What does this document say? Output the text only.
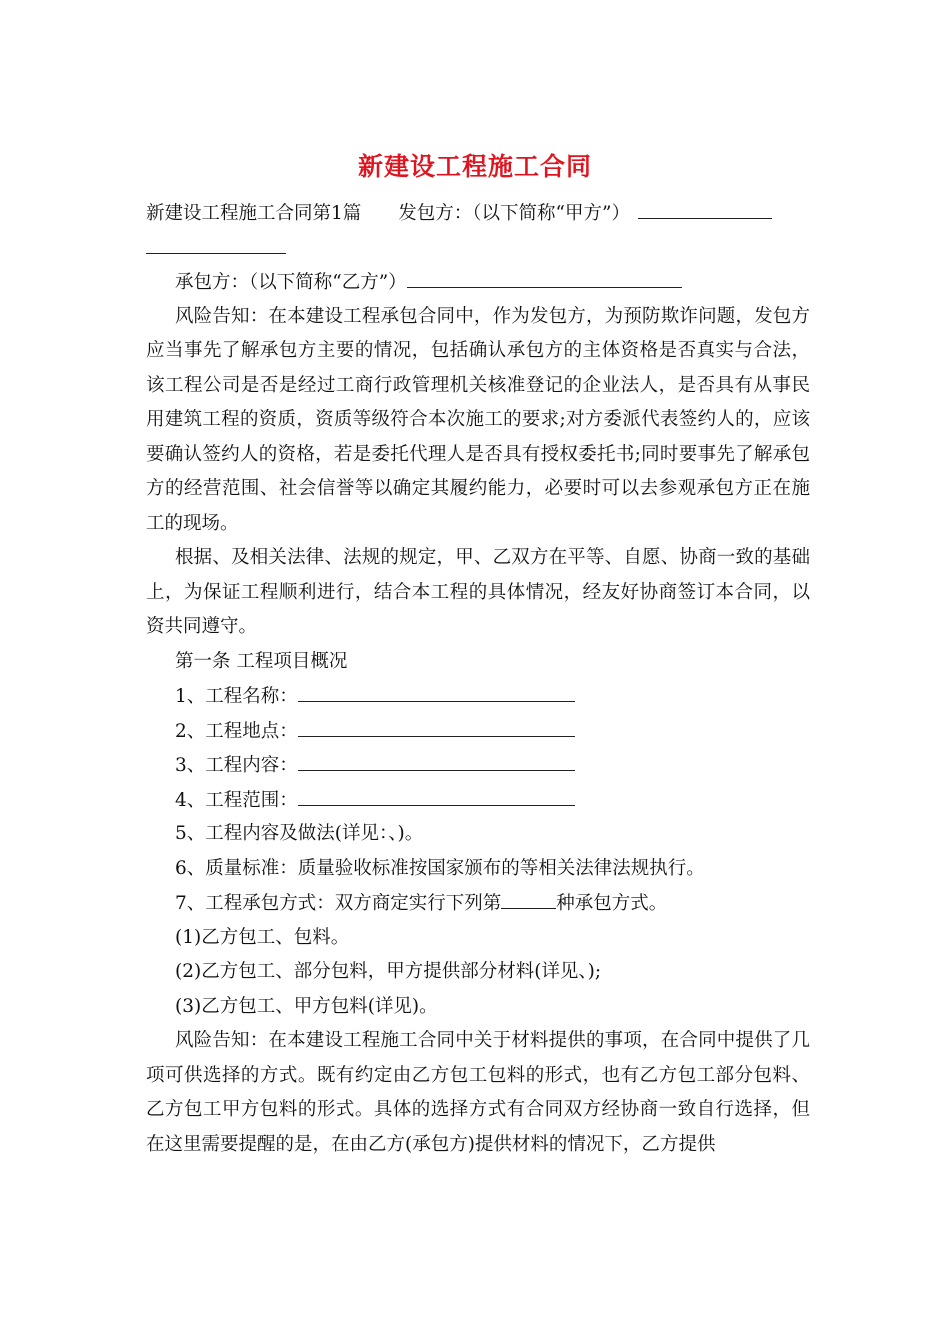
新建设工程施工合同
新建设工程施工合同第1篇　　发包方：（以下简称“甲方”）
承包方：（以下简称“乙方”）
风险告知：在本建设工程承包合同中，作为发包方，为预防欺诈问题，发包方应当事先了解承包方主要的情况，包括确认承包方的主体资格是否真实与合法，该工程公司是否是经过工商行政管理机关核准登记的企业法人，是否具有从事民用建筑工程的资质，资质等级符合本次施工的要求;对方委派代表签约人的，应该要确认签约人的资格，若是委托代理人是否具有授权委托书;同时要事先了解承包方的经营范围、社会信誉等以确定其履约能力，必要时可以去参观承包方正在施工的现场。
根据、及相关法律、法规的规定，甲、乙双方在平等、自愿、协商一致的基础上，为保证工程顺利进行，结合本工程的具体情况，经友好协商签订本合同，以资共同遵守。
第一条 工程项目概况
1、工程名称：
2、工程地点：
3、工程内容：
4、工程范围：
5、工程内容及做法(详见：、)。
6、质量标准：质量验收标准按国家颁布的等相关法律法规执行。
7、工程承包方式：双方商定实行下列第	种承包方式。
(1)乙方包工、包料。
(2)乙方包工、部分包料，甲方提供部分材料(详见、);
(3)乙方包工、甲方包料(详见)。
风险告知：在本建设工程施工合同中关于材料提供的事项，在合同中提供了几项可供选择的方式。既有约定由乙方包工包料的形式，也有乙方包工部分包料、乙方包工甲方包料的形式。具体的选择方式有合同双方经协商一致自行选择，但在这里需要提醒的是，在由乙方(承包方)提供材料的情况下，乙方提供
